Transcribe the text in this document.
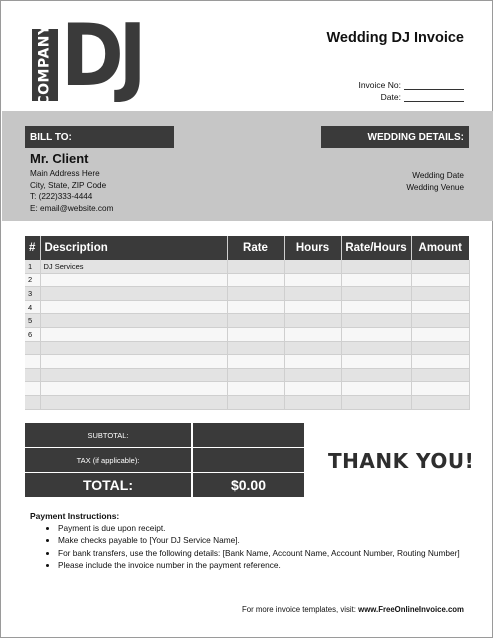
COMPANY DJ	Wedding DJ Invoice
Invoice No:
Date:
BILL TO:	WEDDING DETAILS:
Mr. Client
Main Address Here
City, State, ZIP Code
T: (222)333-4444
E: email@website.com
Wedding Date
Wedding Venue
#	Description	Rate	Hours	Rate/Hours	Amount
1	DJ Services				
2					
3					
4					
5					
6					

SUBTOTAL:
TAX (if applicable):
TOTAL:	$0.00
THANK YOU!
Payment Instructions:
• Payment is due upon receipt.
• Make checks payable to [Your DJ Service Name].
• For bank transfers, use the following details: [Bank Name, Account Name, Account Number, Routing Number]
• Please include the invoice number in the payment reference.
For more invoice templates, visit: www.FreeOnlineInvoice.com
